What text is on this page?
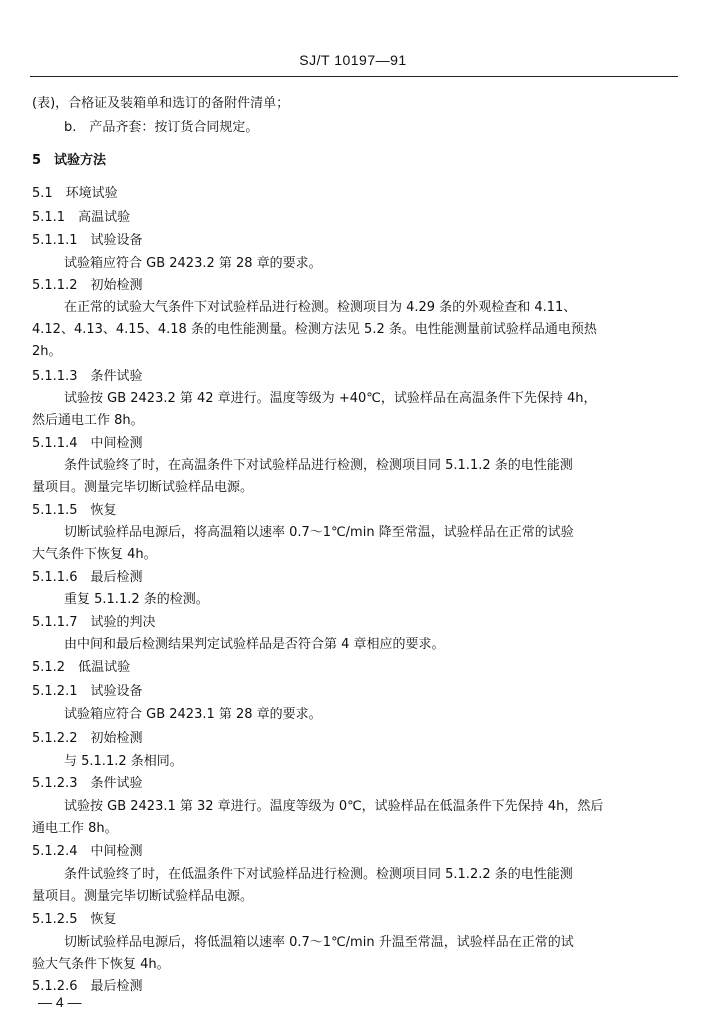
SJ/T 10197—91
(表)，合格证及装箱单和选订的备附件清单；
b.　产品齐套：按订货合同规定。
5　试验方法
5.1　环境试验
5.1.1　高温试验
5.1.1.1　试验设备
试验箱应符合 GB 2423.2 第 28 章的要求。
5.1.1.2　初始检测
在正常的试验大气条件下对试验样品进行检测。检测项目为 4.29 条的外观检查和 4.11、
4.12、4.13、4.15、4.18 条的电性能测量。检测方法见 5.2 条。电性能测量前试验样品通电预热
2h。
5.1.1.3　条件试验
试验按 GB 2423.2 第 42 章进行。温度等级为 +40℃，试验样品在高温条件下先保持 4h，
然后通电工作 8h。
5.1.1.4　中间检测
条件试验终了时，在高温条件下对试验样品进行检测，检测项目同 5.1.1.2 条的电性能测
量项目。测量完毕切断试验样品电源。
5.1.1.5　恢复
切断试验样品电源后，将高温箱以速率 0.7～1℃/min 降至常温，试验样品在正常的试验
大气条件下恢复 4h。
5.1.1.6　最后检测
重复 5.1.1.2 条的检测。
5.1.1.7　试验的判决
由中间和最后检测结果判定试验样品是否符合第 4 章相应的要求。
5.1.2　低温试验
5.1.2.1　试验设备
试验箱应符合 GB 2423.1 第 28 章的要求。
5.1.2.2　初始检测
与 5.1.1.2 条相同。
5.1.2.3　条件试验
试验按 GB 2423.1 第 32 章进行。温度等级为 0℃，试验样品在低温条件下先保持 4h，然后
通电工作 8h。
5.1.2.4　中间检测
条件试验终了时，在低温条件下对试验样品进行检测。检测项目同 5.1.2.2 条的电性能测
量项目。测量完毕切断试验样品电源。
5.1.2.5　恢复
切断试验样品电源后，将低温箱以速率 0.7～1℃/min 升温至常温，试验样品在正常的试
验大气条件下恢复 4h。
5.1.2.6　最后检测
— 4 —
